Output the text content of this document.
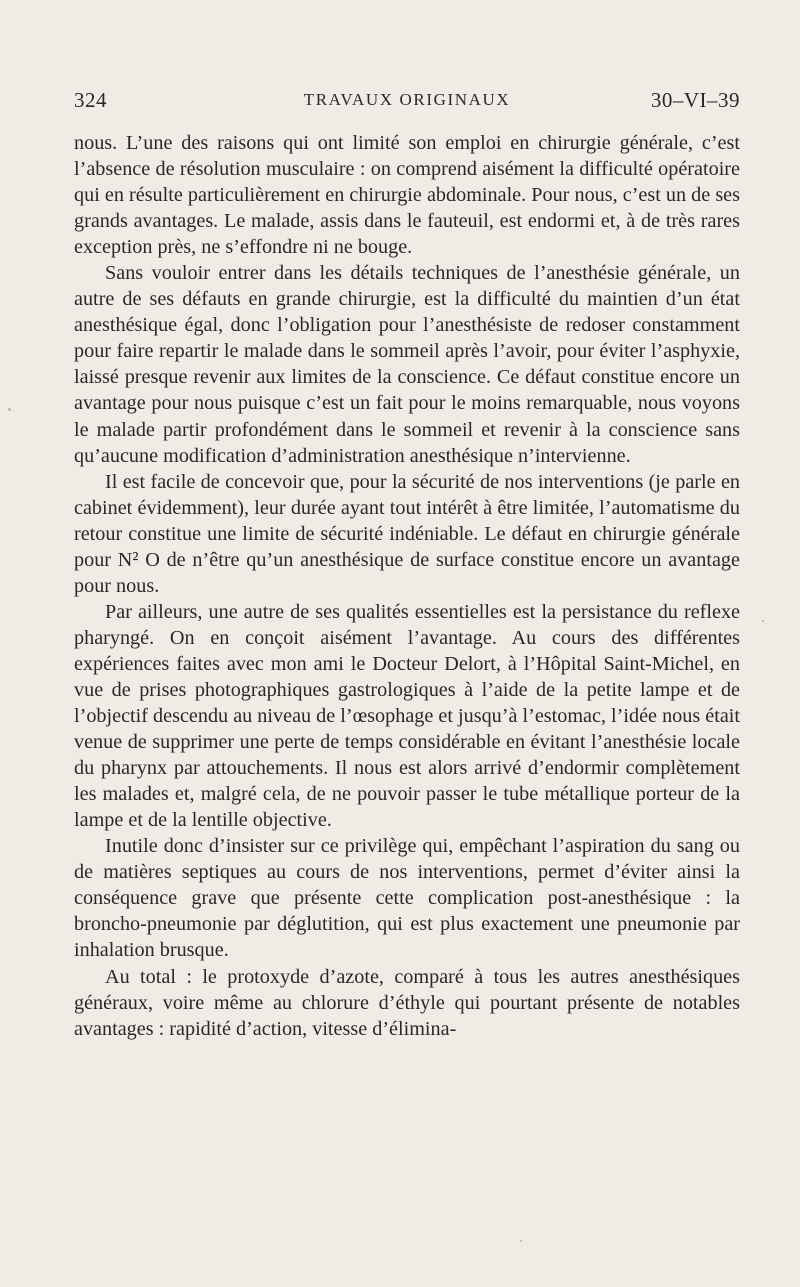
324	TRAVAUX ORIGINAUX	30–VI–39

nous. L’une des raisons qui ont limité son emploi en chirurgie générale, c’est l’absence de résolution musculaire : on comprend aisément la difficulté opératoire qui en résulte particulièrement en chirurgie abdominale. Pour nous, c’est un de ses grands avantages. Le malade, assis dans le fauteuil, est endormi et, à de très rares exception près, ne s’effondre ni ne bouge.

Sans vouloir entrer dans les détails techniques de l’anesthésie générale, un autre de ses défauts en grande chirurgie, est la difficulté du maintien d’un état anesthésique égal, donc l’obligation pour l’anesthésiste de redoser constamment pour faire repartir le malade dans le sommeil après l’avoir, pour éviter l’asphyxie, laissé presque revenir aux limites de la conscience. Ce défaut constitue encore un avantage pour nous puisque c’est un fait pour le moins remarquable, nous voyons le malade partir profondément dans le sommeil et revenir à la conscience sans qu’aucune modification d’administration anesthésique n’intervienne.

Il est facile de concevoir que, pour la sécurité de nos interventions (je parle en cabinet évidemment), leur durée ayant tout intérêt à être limitée, l’automatisme du retour constitue une limite de sécurité indéniable. Le défaut en chirurgie générale pour N² O de n’être qu’un anesthésique de surface constitue encore un avantage pour nous.

Par ailleurs, une autre de ses qualités essentielles est la persistance du reflexe pharyngé. On en conçoit aisément l’avantage. Au cours des différentes expériences faites avec mon ami le Docteur Delort, à l’Hôpital Saint-Michel, en vue de prises photographiques gastrologiques à l’aide de la petite lampe et de l’objectif descendu au niveau de l’œsophage et jusqu’à l’estomac, l’idée nous était venue de supprimer une perte de temps considérable en évitant l’anesthésie locale du pharynx par attouchements. Il nous est alors arrivé d’endormir complètement les malades et, malgré cela, de ne pouvoir passer le tube métallique porteur de la lampe et de la lentille objective.

Inutile donc d’insister sur ce privilège qui, empêchant l’aspiration du sang ou de matières septiques au cours de nos interventions, permet d’éviter ainsi la conséquence grave que présente cette complication post-anesthésique : la broncho-pneumonie par déglutition, qui est plus exactement une pneumonie par inhalation brusque.

Au total : le protoxyde d’azote, comparé à tous les autres anesthésiques généraux, voire même au chlorure d’éthyle qui pourtant présente de notables avantages : rapidité d’action, vitesse d’élimina-
